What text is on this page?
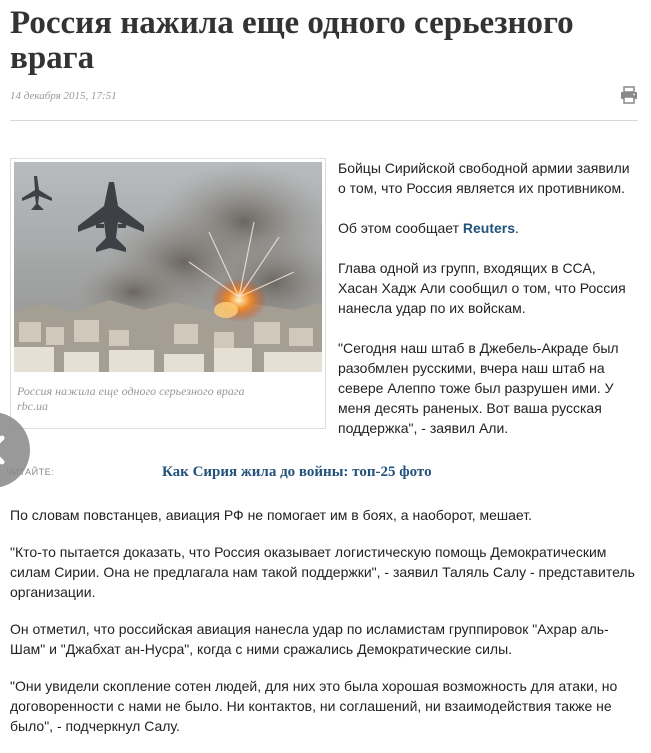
Россия нажила еще одного серьезного врага
14 декабря 2015, 17:51
Россия нажила еще одного серьезного врага
rbc.ua

Бойцы Сирийской свободной армии заявили о том, что Россия является их противником.

Об этом сообщает Reuters.

Глава одной из групп, входящих в ССА, Хасан Хадж Али сообщил о том, что Россия нанесла удар по их войскам.

"Сегодня наш штаб в Джебель-Акраде был разобмлен русскими, вчера наш штаб на севере Алеппо тоже был разрушен ими. У меня десять раненых. Вот ваша русская поддержка", - заявил Али.

ЧИТАЙТЕ:	Как Сирия жила до войны: топ-25 фото

По словам повстанцев, авиация РФ не помогает им в боях, а наоборот, мешает.

"Кто-то пытается доказать, что Россия оказывает логистическую помощь Демократическим силам Сирии. Она не предлагала нам такой поддержки", - заявил Таляль Салу - представитель организации.

Он отметил, что российская авиация нанесла удар по исламистам группировок "Ахрар аль-Шам" и "Джабхат ан-Нусра", когда с ними сражались Демократические силы.

"Они увидели скопление сотен людей, для них это была хорошая возможность для атаки, но договоренности с нами не было. Ни контактов, ни соглашений, ни взаимодействия также не было", - подчеркнул Салу.
